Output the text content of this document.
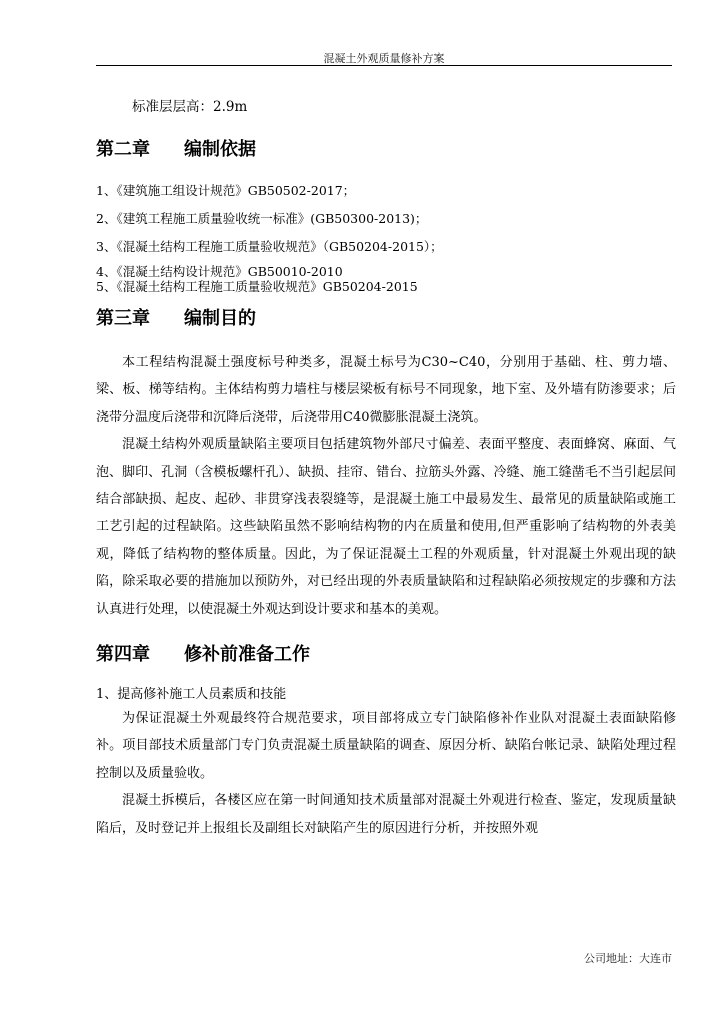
混凝土外观质量修补方案
标准层层高：2.9m
第二章	编制依据
1、《建筑施工组设计规范》GB50502-2017；
2、《建筑工程施工质量验收统一标准》(GB50300-2013)；
3、《混凝土结构工程施工质量验收规范》（GB50204-2015）；
4、《混凝土结构设计规范》GB50010-2010
5、《混凝土结构工程施工质量验收规范》GB50204-2015
第三章	编制目的

本工程结构混凝土强度标号种类多，混凝土标号为C30~C40，分别用于基础、柱、剪力墙、梁、板、梯等结构。主体结构剪力墙柱与楼层梁板有标号不同现象，地下室、及外墙有防渗要求；后浇带分温度后浇带和沉降后浇带，后浇带用C40微膨胀混凝土浇筑。

混凝土结构外观质量缺陷主要项目包括建筑物外部尺寸偏差、表面平整度、表面蜂窝、麻面、气泡、脚印、孔洞（含模板螺杆孔）、缺损、挂帘、错台、拉筋头外露、冷缝、施工缝凿毛不当引起层间结合部缺损、起皮、起砂、非贯穿浅表裂缝等，是混凝土施工中最易发生、最常见的质量缺陷或施工工艺引起的过程缺陷。这些缺陷虽然不影响结构物的内在质量和使用,但严重影响了结构物的外表美观，降低了结构物的整体质量。因此，为了保证混凝土工程的外观质量，针对混凝土外观出现的缺陷，除采取必要的措施加以预防外，对已经出现的外表质量缺陷和过程缺陷必须按规定的步骤和方法认真进行处理，以使混凝土外观达到设计要求和基本的美观。

第四章	修补前准备工作
1、提高修补施工人员素质和技能

为保证混凝土外观最终符合规范要求，项目部将成立专门缺陷修补作业队对混凝土表面缺陷修补。项目部技术质量部门专门负责混凝土质量缺陷的调查、原因分析、缺陷台帐记录、缺陷处理过程控制以及质量验收。

混凝土拆模后，各楼区应在第一时间通知技术质量部对混凝土外观进行检查、鉴定，发现质量缺陷后，及时登记并上报组长及副组长对缺陷产生的原因进行分析，并按照外观

公司地址：大连市
